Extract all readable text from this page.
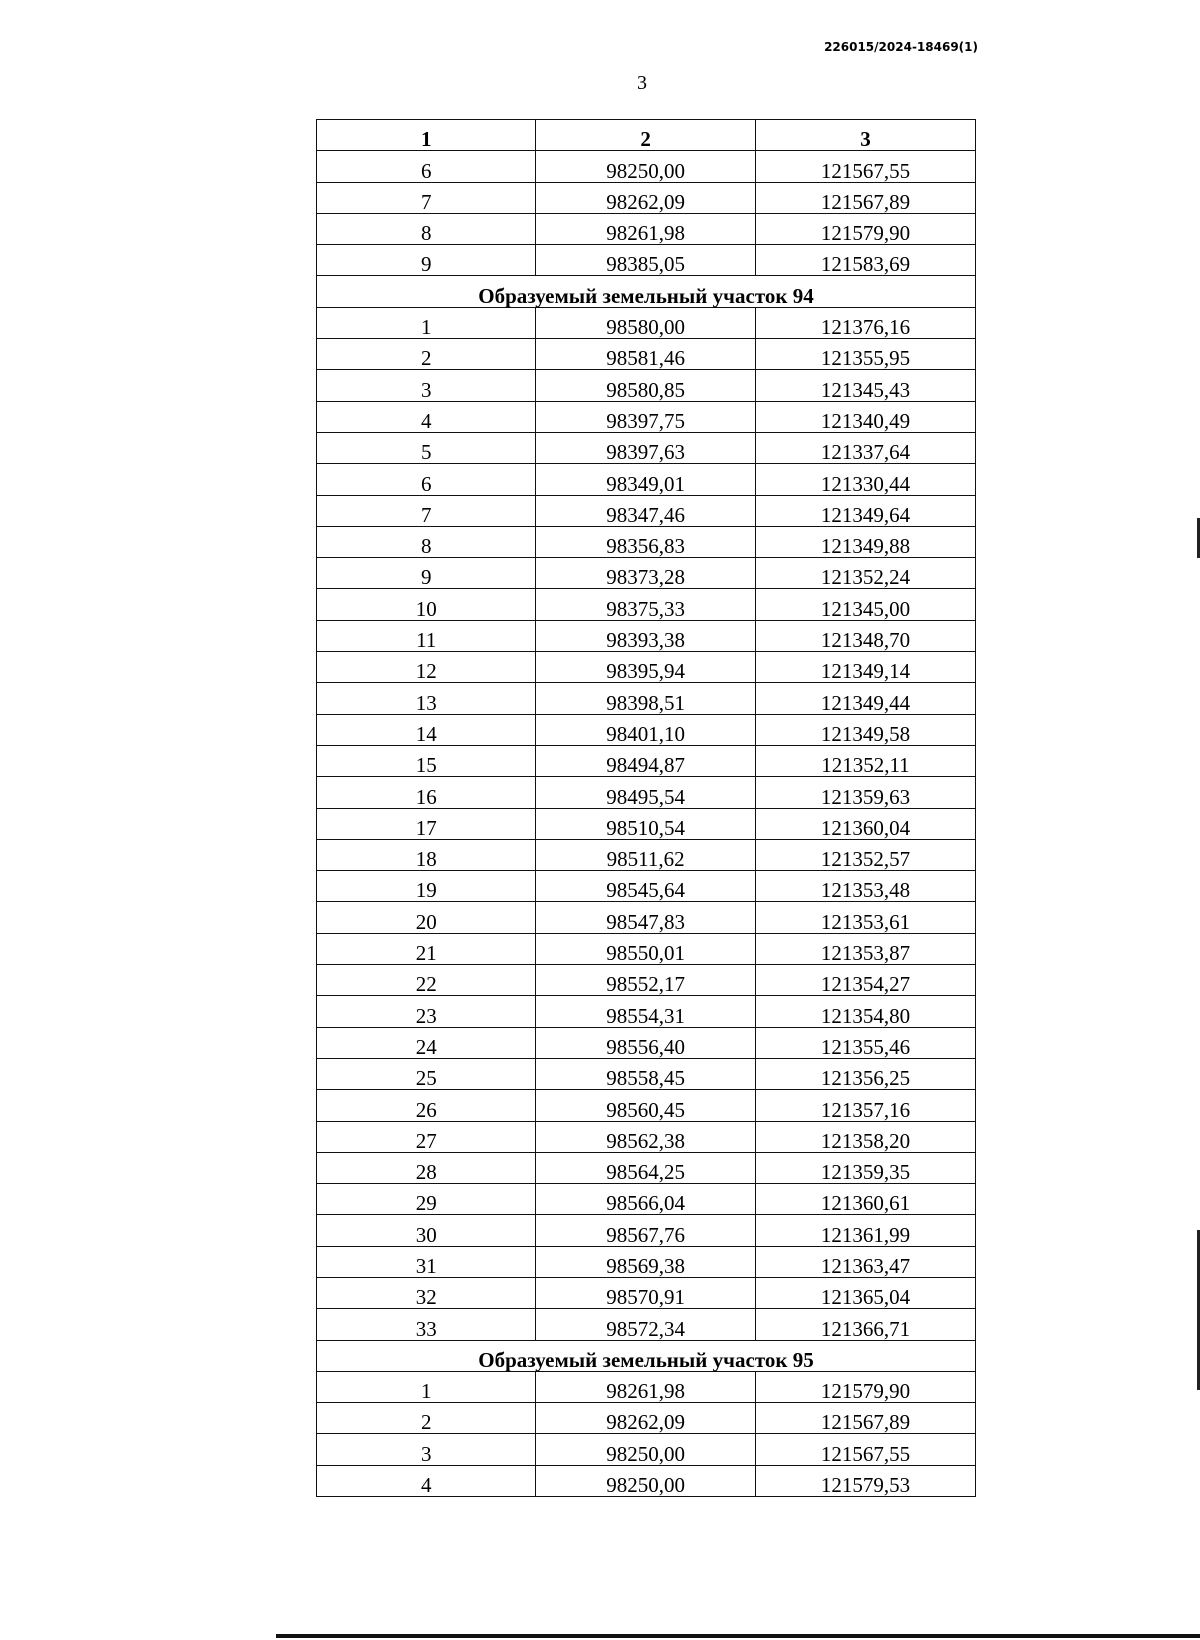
226015/2024-18469(1)
3
1	2	3
6	98250,00	121567,55
7	98262,09	121567,89
8	98261,98	121579,90
9	98385,05	121583,69
Образуемый земельный участок 94		
1	98580,00	121376,16
2	98581,46	121355,95
3	98580,85	121345,43
4	98397,75	121340,49
5	98397,63	121337,64
6	98349,01	121330,44
7	98347,46	121349,64
8	98356,83	121349,88
9	98373,28	121352,24
10	98375,33	121345,00
11	98393,38	121348,70
12	98395,94	121349,14
13	98398,51	121349,44
14	98401,10	121349,58
15	98494,87	121352,11
16	98495,54	121359,63
17	98510,54	121360,04
18	98511,62	121352,57
19	98545,64	121353,48
20	98547,83	121353,61
21	98550,01	121353,87
22	98552,17	121354,27
23	98554,31	121354,80
24	98556,40	121355,46
25	98558,45	121356,25
26	98560,45	121357,16
27	98562,38	121358,20
28	98564,25	121359,35
29	98566,04	121360,61
30	98567,76	121361,99
31	98569,38	121363,47
32	98570,91	121365,04
33	98572,34	121366,71
Образуемый земельный участок 95		
1	98261,98	121579,90
2	98262,09	121567,89
3	98250,00	121567,55
4	98250,00	121579,53
